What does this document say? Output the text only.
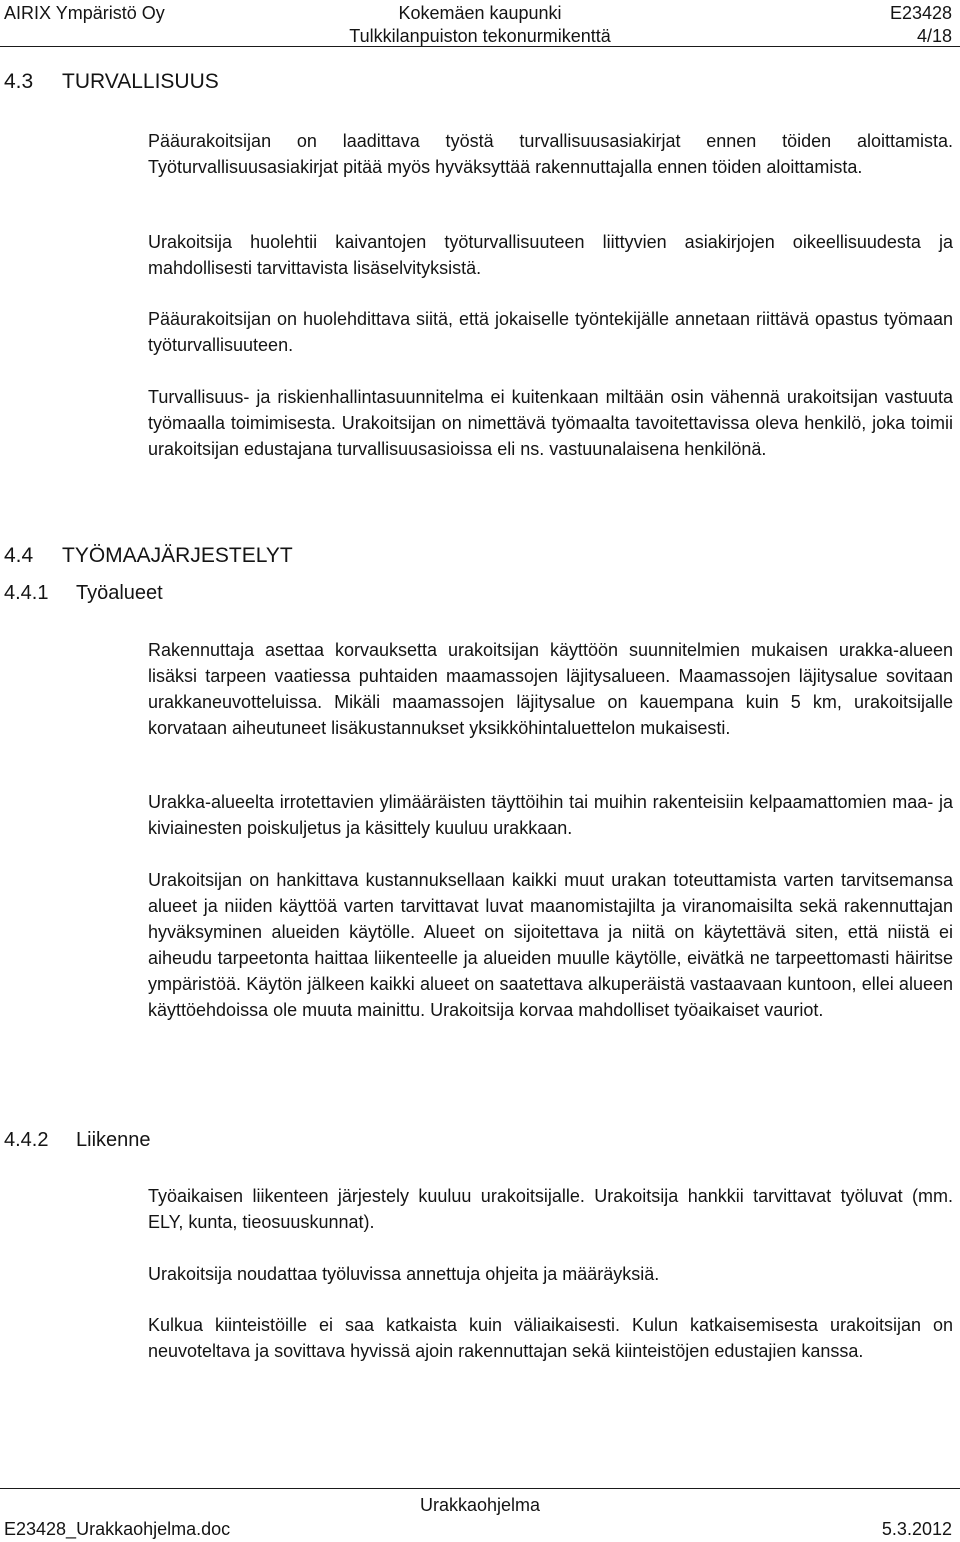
AIRIX Ympäristö Oy	Kokemäen kaupunki
Tulkkilanpuiston tekonurmikenttä
E23428
4/18
4.3 TURVALLISUUS

Pääurakoitsijan on laadittava työstä turvallisuusasiakirjat ennen töiden aloittamista. Työturvallisuusasiakirjat pitää myös hyväksyttää rakennuttajalla ennen töiden aloittamista.

Urakoitsija huolehtii kaivantojen työturvallisuuteen liittyvien asiakirjojen oikeellisuudesta ja mahdollisesti tarvittavista lisäselvityksistä.

Pääurakoitsijan on huolehdittava siitä, että jokaiselle työntekijälle annetaan riittävä opastus työmaan työturvallisuuteen.

Turvallisuus- ja riskienhallintasuunnitelma ei kuitenkaan miltään osin vähennä urakoitsijan vastuuta työmaalla toimimisesta. Urakoitsijan on nimettävä työmaalta tavoitettavissa oleva henkilö, joka toimii urakoitsijan edustajana turvallisuusasioissa eli ns. vastuunalaisena henkilönä.

4.4 TYÖMAAJÄRJESTELYT
4.4.1 Työalueet

Rakennuttaja asettaa korvauksetta urakoitsijan käyttöön suunnitelmien mukaisen urakka-alueen lisäksi tarpeen vaatiessa puhtaiden maamassojen läjitysalueen. Maamassojen läjitysalue sovitaan urakkaneuvotteluissa. Mikäli maamassojen läjitysalue on kauempana kuin 5 km, urakoitsijalle korvataan aiheutuneet lisäkustannukset yksikköhintaluettelon mukaisesti.

Urakka-alueelta irrotettavien ylimääräisten täyttöihin tai muihin rakenteisiin kelpaamattomien maa- ja kiviainesten poiskuljetus ja käsittely kuuluu urakkaan.

Urakoitsijan on hankittava kustannuksellaan kaikki muut urakan toteuttamista varten tarvitsemansa alueet ja niiden käyttöä varten tarvittavat luvat maanomistajilta ja viranomaisilta sekä rakennuttajan hyväksyminen alueiden käytölle. Alueet on sijoitettava ja niitä on käytettävä siten, että niistä ei aiheudu tarpeetonta haittaa liikenteelle ja alueiden muulle käytölle, eivätkä ne tarpeettomasti häiritse ympäristöä. Käytön jälkeen kaikki alueet on saatettava alkuperäistä vastaavaan kuntoon, ellei alueen käyttöehdoissa ole muuta mainittu. Urakoitsija korvaa mahdolliset työaikaiset vauriot.

4.4.2 Liikenne

Työaikaisen liikenteen järjestely kuuluu urakoitsijalle. Urakoitsija hankkii tarvittavat työluvat (mm. ELY, kunta, tieosuuskunnat).

Urakoitsija noudattaa työluvissa annettuja ohjeita ja määräyksiä.

Kulkua kiinteistöille ei saa katkaista kuin väliaikaisesti. Kulun katkaisemisesta urakoitsijan on neuvoteltava ja sovittava hyvissä ajoin rakennuttajan sekä kiinteistöjen edustajien kanssa.

Urakkaohjelma
E23428_Urakkaohjelma.doc	5.3.2012
